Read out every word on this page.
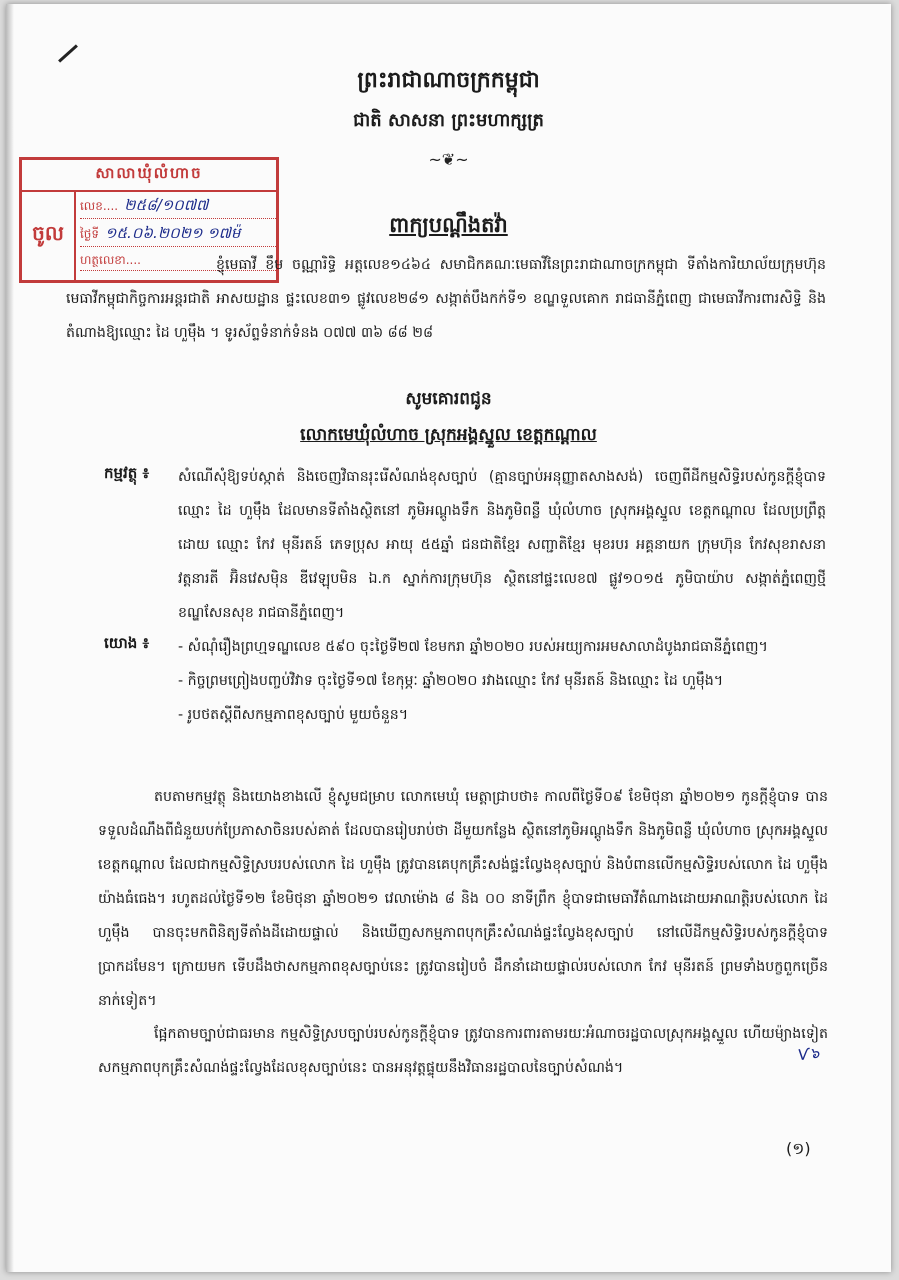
ព្រះរាជាណាចក្រកម្ពុជា
ជាតិ សាសនា ព្រះមហាក្សត្រ
~❦~
សាលាឃុំលំហាច
ចូល
លេខ.... ២៥៨/១០៧៧
ថ្ងៃទី ១៥.០៦.២០២១ ១៧ម៉
ហត្ថលេខា....
ពាក្យបណ្តឹងតវ៉ា
ខ្ញុំមេធាវី ខឹម ចណ្ណារិទ្ធិ អត្តលេខ១៤៦៤ សមាជិកគណៈមេធាវីនៃព្រះរាជាណាចក្រកម្ពុជា ទីតាំងការិយាល័យក្រុមហ៊ុនមេធាវីកម្ពុជាកិច្ចការអន្តរជាតិ អាសយដ្ឋាន ផ្ទះលេខ៣១ ផ្លូវលេខ២៨១ សង្កាត់បឹងកក់ទី១ ខណ្ឌទួលគោក រាជធានីភ្នំពេញ ជាមេធាវីការពារសិទ្ធិ និងតំណាងឱ្យឈ្មោះ ដៃ ហួម៉ឹង ។ ទូរស័ព្ទទំនាក់ទំនង ០៧៧ ៣៦ ៨៨ ២៨
សូមគោរពជូន
លោកមេឃុំលំហាច ស្រុកអង្គស្នួល ខេត្តកណ្តាល
កម្មវត្ថុ ៖ សំណើសុំឱ្យទប់ស្កាត់ និងចេញវិធានរុះរើសំណង់ខុសច្បាប់ (គ្មានច្បាប់អនុញ្ញាតសាងសង់) ចេញពីដីកម្មសិទ្ធិរបស់កូនក្តីខ្ញុំបាទ ឈ្មោះ ដៃ ហួម៉ឹង ដែលមានទីតាំងស្ថិតនៅ ភូមិអណ្តូងទឹក និងភូមិពន្លឺ ឃុំលំហាច ស្រុកអង្គស្នួល ខេត្តកណ្តាល ដែលប្រព្រឹត្តដោយ ឈ្មោះ កែវ មុនីរតន៍ ភេទប្រុស អាយុ ៥៥ឆ្នាំ ជនជាតិខ្មែរ សញ្ជាតិខ្មែរ មុខរបរ អគ្គនាយក ក្រុមហ៊ុន កែវសុខរាសនាវត្តនារតី អ៊ិនវេសម៉ិន ឌីវេឡុបមិន ឯ.ក ស្នាក់ការក្រុមហ៊ុន ស្ថិតនៅផ្ទះលេខ៧ ផ្លូវ១០១៥ ភូមិបាយ៉ាប សង្កាត់ភ្នំពេញថ្មី ខណ្ឌសែនសុខ រាជធានីភ្នំពេញ។
យោង ៖ - សំណុំរឿងព្រហ្មទណ្ឌលេខ ៥៩០ ចុះថ្ងៃទី២៧ ខែមករា ឆ្នាំ២០២០ របស់អយ្យការអមសាលាដំបូងរាជធានីភ្នំពេញ។
- កិច្ចព្រមព្រៀងបញ្ចប់វិវាទ ចុះថ្ងៃទី១៧ ខែកុម្ភៈ ឆ្នាំ២០២០ រវាងឈ្មោះ កែវ មុនីរតន៍ និងឈ្មោះ ដៃ ហួម៉ឹង។
- រូបថតស្តីពីសកម្មភាពខុសច្បាប់ មួយចំនួន។
តបតាមកម្មវត្ថុ និងយោងខាងលើ ខ្ញុំសូមជម្រាប លោកមេឃុំ មេត្តាជ្រាបថា៖ កាលពីថ្ងៃទី០៩ ខែមិថុនា ឆ្នាំ២០២១ កូនក្តីខ្ញុំបាទ បានទទួលដំណឹងពីជំនួយបក់ប្រែភាសាចិនរបស់គាត់ ដែលបានរៀបរាប់ថា ដីមួយកន្លែង ស្ថិតនៅភូមិអណ្តូងទឹក និងភូមិពន្លឺ ឃុំលំហាច ស្រុកអង្គស្នួល ខេត្តកណ្តាល ដែលជាកម្មសិទ្ធិស្របរបស់លោក ដៃ ហួម៉ឹង ត្រូវបានគេបុកគ្រឹះសង់ផ្ទះល្វែងខុសច្បាប់ និងបំពានលើកម្មសិទ្ធិរបស់លោក ដៃ ហួម៉ឹង យ៉ាងធំធេង។ រហូតដល់ថ្ងៃទី១២ ខែមិថុនា ឆ្នាំ២០២១ វេលាម៉ោង ៨ និង ០០ នាទីព្រឹក ខ្ញុំបាទជាមេធាវីតំណាងដោយអាណត្តិរបស់លោក ដៃ ហួម៉ឹង បានចុះមកពិនិត្យទីតាំងដីដោយផ្ទាល់ និងឃើញសកម្មភាពបុកគ្រឹះសំណង់ផ្ទះល្វែងខុសច្បាប់ នៅលើដីកម្មសិទ្ធិរបស់កូនក្តីខ្ញុំបាទ ប្រាកដមែន។ ក្រោយមក ទើបដឹងថាសកម្មភាពខុសច្បាប់នេះ ត្រូវបានរៀបចំ ដឹកនាំដោយផ្ទាល់របស់លោក កែវ មុនីរតន៍ ព្រមទាំងបក្ខពួកច្រើននាក់ទៀត។
ផ្អែកតាមច្បាប់ជាធរមាន កម្មសិទ្ធិស្របច្បាប់របស់កូនក្តីខ្ញុំបាទ ត្រូវបានការពារតាមរយៈអំណាចរដ្ឋបាលស្រុកអង្គស្នួល ហើយម៉្យាងទៀត សកម្មភាពបុកគ្រឹះសំណង់ផ្ទះល្វែងដែលខុសច្បាប់នេះ បានអនុវត្តផ្ទុយនឹងវិធានរដ្ឋបាលនៃច្បាប់សំណង់។
Ѵ๖
(១)
